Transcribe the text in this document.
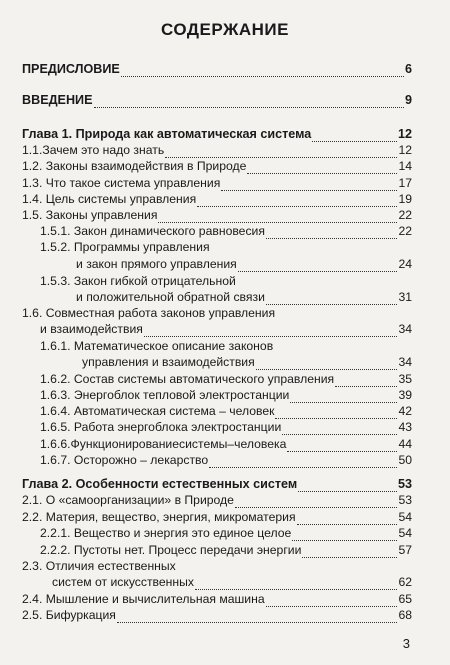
СОДЕРЖАНИЕ
ПРЕДИСЛОВИЕ	6
ВВЕДЕНИЕ	9
Глава 1. Природа как автоматическая система	12
1.1.Зачем это надо знать	12
1.2. Законы взаимодействия в Природе	14
1.3. Что такое система управления	17
1.4. Цель системы управления	19
1.5. Законы управления	22
1.5.1. Закон динамического равновесия	22
1.5.2. Программы управления
и закон прямого управления	24
1.5.3. Закон гибкой отрицательной
и положительной обратной связи	31
1.6. Совместная работа законов управления
и взаимодействия	34
1.6.1. Математическое описание законов
управления и взаимодействия	34
1.6.2. Состав системы автоматического управления	35
1.6.3. Энергоблок тепловой электростанции	39
1.6.4. Автоматическая система – человек	42
1.6.5. Работа энергоблока электростанции	43
1.6.6.Функционированиесистемы–человека	44
1.6.7. Осторожно – лекарство	50
Глава 2. Особенности естественных систем	53
2.1. О «самоорганизации» в Природе	53
2.2. Материя, вещество, энергия, микроматерия	54
2.2.1. Вещество и энергия это единое целое	54
2.2.2. Пустоты нет. Процесс передачи энергии	57
2.3. Отличия естественных
систем от искусственных	62
2.4. Мышление и вычислительная машина	65
2.5. Бифуркация	68
3
